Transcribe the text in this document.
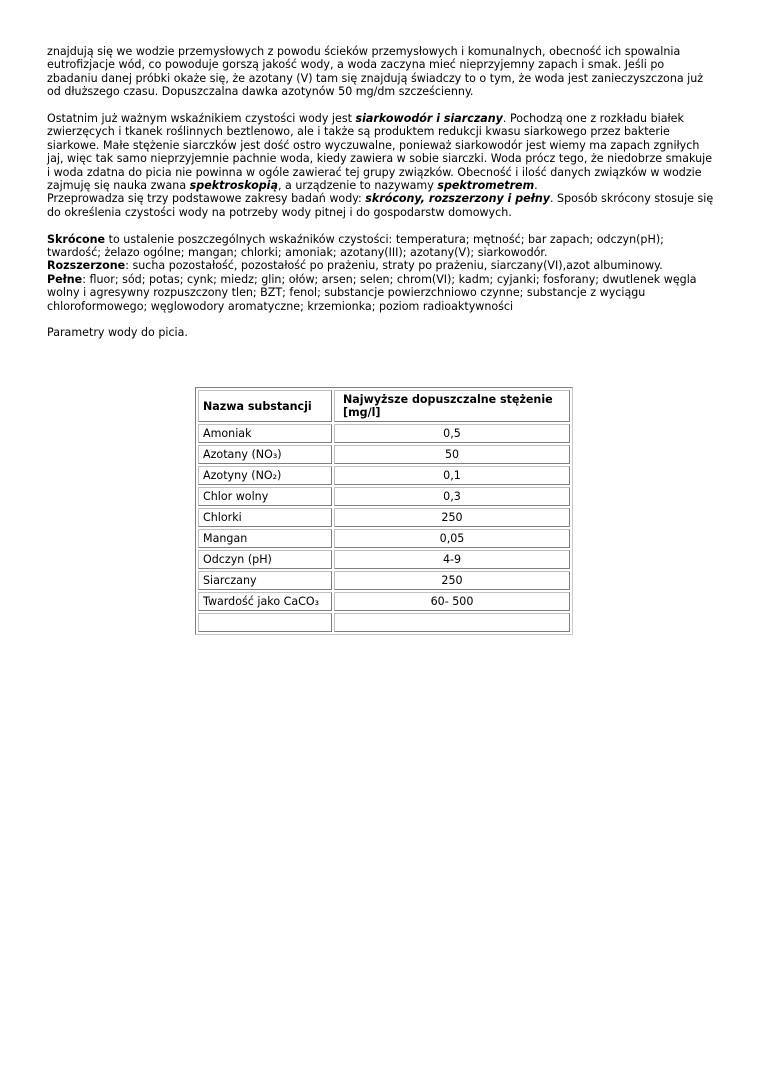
znajdują się we wodzie przemysłowych z powodu ścieków przemysłowych i komunalnych, obecność ich spowalnia eutrofizjacje wód, co powoduje gorszą jakość wody, a woda zaczyna mieć nieprzyjemny zapach i smak. Jeśli po zbadaniu danej próbki okaże się, że azotany (V) tam się znajdują świadczy to o tym, że woda jest zanieczyszczona już od dłuższego czasu. Dopuszczalna dawka azotynów 50 mg/dm szcześcienny.

Ostatnim już ważnym wskaźnikiem czystości wody jest siarkowodór i siarczany. Pochodzą one z rozkładu białek zwierzęcych i tkanek roślinnych beztlenowo, ale i także są produktem redukcji kwasu siarkowego przez bakterie siarkowe. Małe stężenie siarczków jest dość ostro wyczuwalne, ponieważ siarkowodór jest wiemy ma zapach zgniłych jaj, więc tak samo nieprzyjemnie pachnie woda, kiedy zawiera w sobie siarczki. Woda prócz tego, że niedobrze smakuje i woda zdatna do picia nie powinna w ogóle zawierać tej grupy związków. Obecność i ilość danych związków w wodzie zajmuję się nauka zwana spektroskopią, a urządzenie to nazywamy spektrometrem.

Przeprowadza się trzy podstawowe zakresy badań wody: skrócony, rozszerzony i pełny. Sposób skrócony stosuje się do określenia czystości wody na potrzeby wody pitnej i do gospodarstw domowych.

Skrócone to ustalenie poszczególnych wskaźników czystości: temperatura; mętność; bar zapach; odczyn(pH); twardość; żelazo ogólne; mangan; chlorki; amoniak; azotany(III); azotany(V); siarkowodór.

Rozszerzone: sucha pozostałość, pozostałość po prażeniu, straty po prażeniu, siarczany(VI),azot albuminowy.

Pełne: fluor; sód; potas; cynk; miedz; glin; ołów; arsen; selen; chrom(VI); kadm; cyjanki; fosforany; dwutlenek węgla wolny i agresywny rozpuszczony tlen; BZT; fenol; substancje powierzchniowo czynne; substancje z wyciągu chloroformowego; węglowodory aromatyczne; krzemionka; poziom radioaktywności

Parametry wody do picia.

Nazwa substancji	Najwyższe dopuszczalne stężenie [mg/l]
Amoniak	0,5
Azotany (NO₃)	50
Azotyny (NO₂)	0,1
Chlor wolny	0,3
Chlorki	250
Mangan	0,05
Odczyn (pH)	4-9
Siarczany	250
Twardość jako CaCO₃	60- 500
